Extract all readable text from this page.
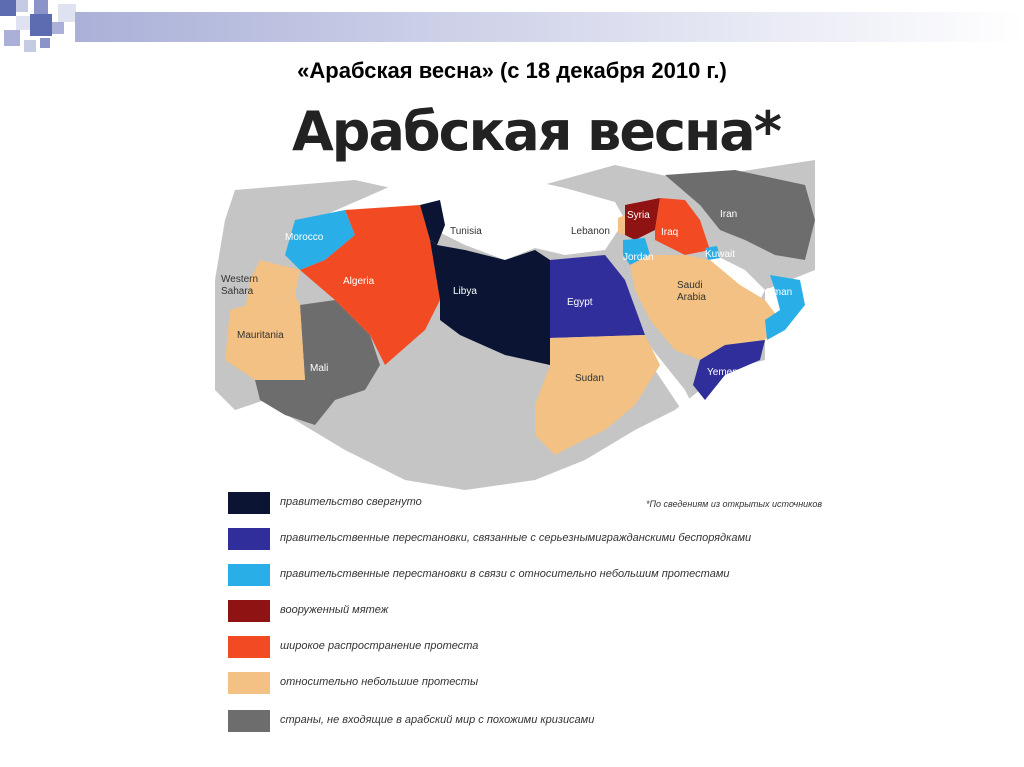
«Арабская весна» (с 18 декабря 2010 г.)
Арабская весна*
Morocco
Western
Sahara
Mauritania
Mali
Algeria
Tunisia
Libya
Egypt
Sudan
Lebanon
Syria
Iraq
Jordan	Kuwait
Iran
Saudi
Arabia	Oman
Yemen
*По сведениям из открытых источников
правительство свергнуто
правительственные перестановки, связанные с серьезнымигражданскими беспорядками
правительственные перестановки в связи с относительно небольшим протестами
вооруженный мятеж
широкое распространение протеста
относительно небольшие протесты
страны, не входящие в арабский мир с похожими кризисами
